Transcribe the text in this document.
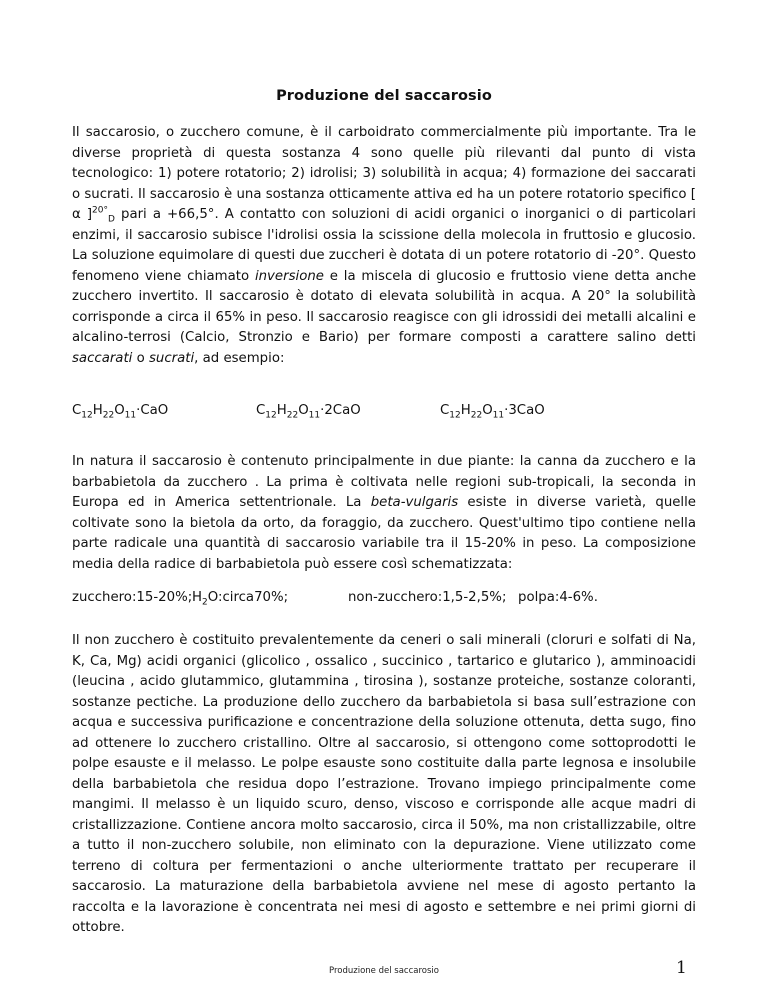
Produzione del saccarosio

Il saccarosio, o zucchero comune, è il carboidrato commercialmente più importante. Tra le diverse proprietà di questa sostanza 4 sono quelle più rilevanti dal punto di vista tecnologico: 1) potere rotatorio; 2) idrolisi; 3) solubilità in acqua; 4) formazione dei saccarati o sucrati. Il saccarosio è una sostanza otticamente attiva ed ha un potere rotatorio specifico [ α ]$^{20^\circ}_D$ pari a +66,5°. A contatto con soluzioni di acidi organici o inorganici o di particolari enzimi, il saccarosio subisce l'idrolisi ossia la scissione della molecola in fruttosio e glucosio. La soluzione equimolare di questi due zuccheri è dotata di un potere rotatorio di -20°. Questo fenomeno viene chiamato inversione e la miscela di glucosio e fruttosio viene detta anche zucchero invertito. Il saccarosio è dotato di elevata solubilità in acqua. A 20° la solubilità corrisponde a circa il 65% in peso. Il saccarosio reagisce con gli idrossidi dei metalli alcalini e alcalino-terrosi (Calcio, Stronzio e Bario) per formare composti a carattere salino detti saccarati o sucrati, ad esempio:

$C_{12}H_{22}O_{11}\cdot CaO$	$C_{12}H_{22}O_{11}\cdot 2CaO$	$C_{12}H_{22}O_{11}\cdot 3CaO$

In natura il saccarosio è contenuto principalmente in due piante: la canna da zucchero e la barbabietola da zucchero . La prima è coltivata nelle regioni sub-tropicali, la seconda in Europa ed in America settentrionale. La beta-vulgaris esiste in diverse varietà, quelle coltivate sono la bietola da orto, da foraggio, da zucchero. Quest'ultimo tipo contiene nella parte radicale una quantità di saccarosio variabile tra il 15-20% in peso. La composizione media della radice di barbabietola può essere così schematizzata:

zucchero:15-20%; $H_2O:circa70\%$;	non-zucchero:1,5-2,5%; polpa:4-6%.

Il non zucchero è costituito prevalentemente da ceneri o sali minerali (cloruri e solfati di Na, K, Ca, Mg) acidi organici (glicolico , ossalico , succinico , tartarico e glutarico ), amminoacidi (leucina , acido glutammico, glutammina , tirosina ), sostanze proteiche, sostanze coloranti, sostanze pectiche. La produzione dello zucchero da barbabietola si basa sull’estrazione con acqua e successiva purificazione e concentrazione della soluzione ottenuta, detta sugo, fino ad ottenere lo zucchero cristallino. Oltre al saccarosio, si ottengono come sottoprodotti le polpe esauste e il melasso. Le polpe esauste sono costituite dalla parte legnosa e insolubile della barbabietola che residua dopo l’estrazione. Trovano impiego principalmente come mangimi. Il melasso è un liquido scuro, denso, viscoso e corrisponde alle acque madri di cristallizzazione. Contiene ancora molto saccarosio, circa il 50%, ma non cristallizzabile, oltre a tutto il non-zucchero solubile, non eliminato con la depurazione. Viene utilizzato come terreno di coltura per fermentazioni o anche ulteriormente trattato per recuperare il saccarosio. La maturazione della barbabietola avviene nel mese di agosto pertanto la raccolta e la lavorazione è concentrata nei mesi di agosto e settembre e nei primi giorni di ottobre.

Produzione del saccarosio	1
